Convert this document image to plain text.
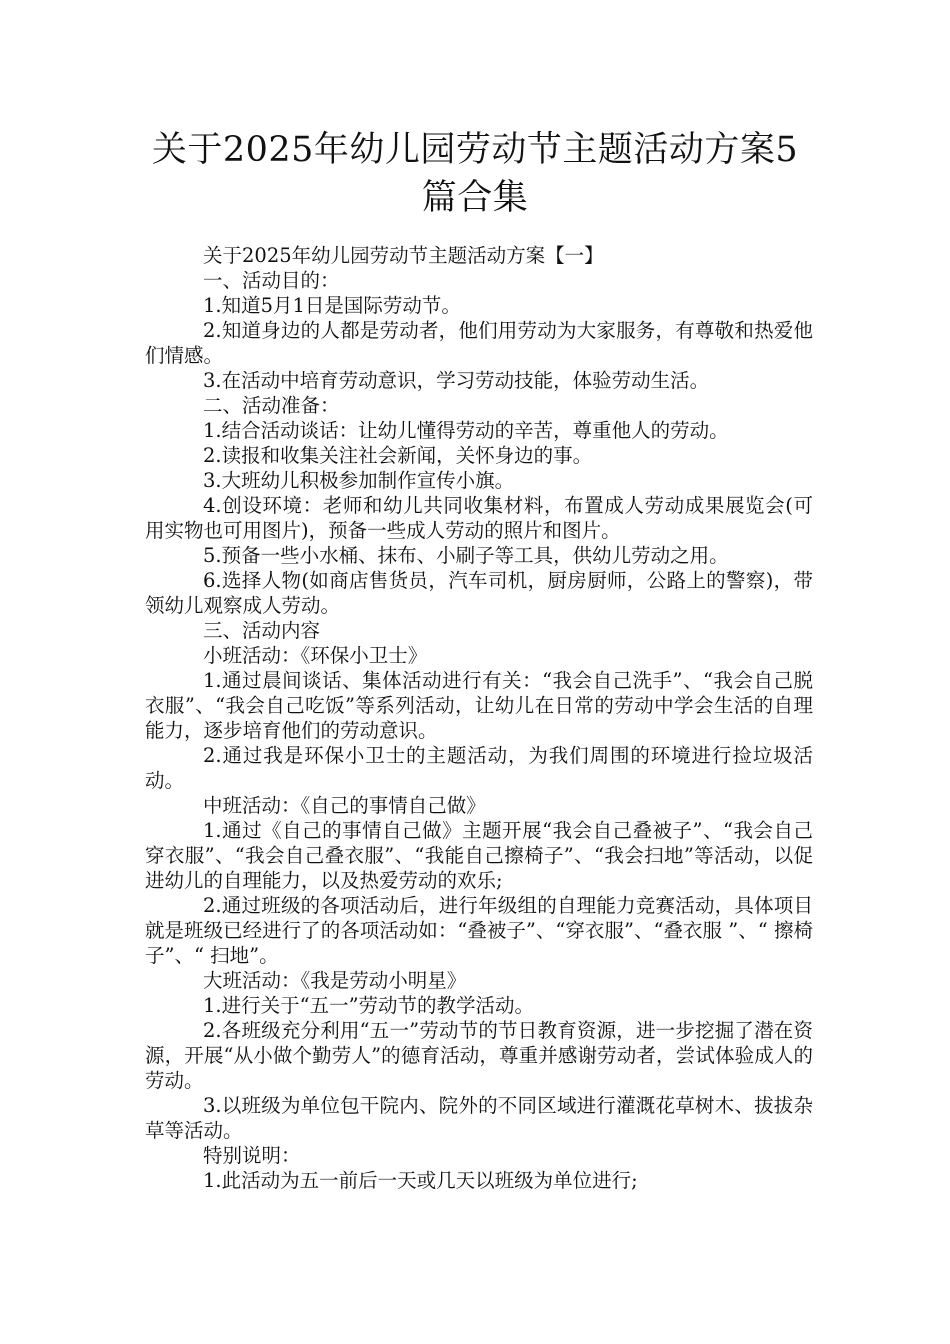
关于2025年幼儿园劳动节主题活动方案5
篇合集

关于2025年幼儿园劳动节主题活动方案【一】

一、活动目的：

1.知道5月1日是国际劳动节。

2.知道身边的人都是劳动者，他们用劳动为大家服务，有尊敬和热爱他们情感。

3.在活动中培育劳动意识，学习劳动技能，体验劳动生活。

二、活动准备：

1.结合活动谈话：让幼儿懂得劳动的辛苦，尊重他人的劳动。

2.读报和收集关注社会新闻，关怀身边的事。

3.大班幼儿积极参加制作宣传小旗。

4.创设环境：老师和幼儿共同收集材料，布置成人劳动成果展览会(可用实物也可用图片)，预备一些成人劳动的照片和图片。

5.预备一些小水桶、抹布、小刷子等工具，供幼儿劳动之用。

6.选择人物(如商店售货员，汽车司机，厨房厨师，公路上的警察)，带领幼儿观察成人劳动。

三、活动内容

小班活动：《环保小卫士》

1.通过晨间谈话、集体活动进行有关：“我会自己洗手”、“我会自己脱衣服”、“我会自己吃饭”等系列活动，让幼儿在日常的劳动中学会生活的自理能力，逐步培育他们的劳动意识。

2.通过我是环保小卫士的主题活动，为我们周围的环境进行捡垃圾活动。

中班活动：《自己的事情自己做》

1.通过《自己的事情自己做》主题开展“我会自己叠被子”、“我会自己穿衣服”、“我会自己叠衣服”、“我能自己擦椅子”、“我会扫地”等活动，以促进幼儿的自理能力，以及热爱劳动的欢乐;

2.通过班级的各项活动后，进行年级组的自理能力竞赛活动，具体项目就是班级已经进行了的各项活动如：“叠被子”、“穿衣服”、“叠衣服 ”、“ 擦椅子”、“ 扫地”。

大班活动：《我是劳动小明星》

1.进行关于“五一”劳动节的教学活动。

2.各班级充分利用“五一”劳动节的节日教育资源，进一步挖掘了潜在资源，开展“从小做个勤劳人”的德育活动，尊重并感谢劳动者，尝试体验成人的劳动。

3.以班级为单位包干院内、院外的不同区域进行灌溉花草树木、拔拔杂草等活动。

特别说明：

1.此活动为五一前后一天或几天以班级为单位进行;
